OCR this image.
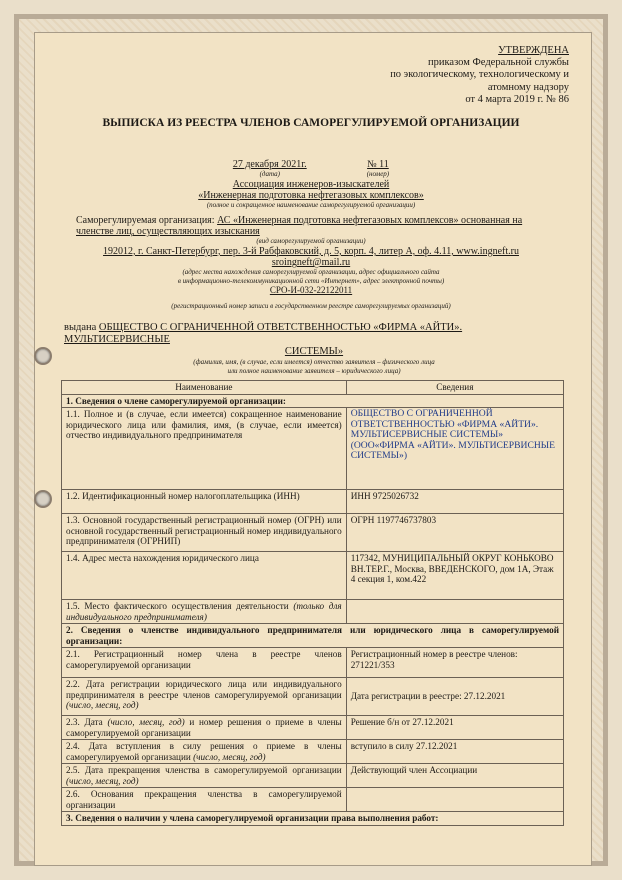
УТВЕРЖДЕНА
приказом Федеральной службы
по экологическому, технологическому и
атомному надзору
от 4 марта 2019 г. № 86
ВЫПИСКА ИЗ РЕЕСТРА ЧЛЕНОВ САМОРЕГУЛИРУЕМОЙ ОРГАНИЗАЦИИ
27 декабря 2021г.
(дата)
№ 11
(номер)
Ассоциация инженеров-изыскателей
«Инженерная подготовка нефтегазовых комплексов»
(полное и сокращенное наименование саморегулируемой организации)
Саморегулируемая организация: АС «Инженерная подготовка нефтегазовых комплексов» основанная на членстве лиц, осуществляющих изыскания
(вид саморегулируемой организации)
192012, г. Санкт-Петербург, пер. 3-й Рабфаковский, д. 5, корп. 4, литер А, оф. 4.11, www.ingneft.ru
sroingneft@mail.ru
(адрес места нахождения саморегулируемой организации, адрес официального сайта
в информационно-телекоммуникационной сети «Интернет», адрес электронной почты)
СРО-И-032-22122011
(регистрационный номер записи в государственном реестре саморегулируемых организаций)
выдана ОБЩЕСТВО С ОГРАНИЧЕННОЙ ОТВЕТСТВЕННОСТЬЮ «ФИРМА «АЙТИ». МУЛЬТИСЕРВИСНЫЕ
СИСТЕМЫ»
(фамилия, имя, (в случае, если имеется) отчество заявителя – физического лица
или полное наименование заявителя – юридического лица)
Наименование	Сведения
1. Сведения о члене саморегулируемой организации:	
1.1. Полное и (в случае, если имеется) сокращенное наименование юридического лица или фамилия, имя, (в случае, если имеется) отчество индивидуального предпринимателя	ОБЩЕСТВО С ОГРАНИЧЕННОЙ ОТВЕТСТВЕННОСТЬЮ «ФИРМА «АЙТИ». МУЛЬТИСЕРВИСНЫЕ СИСТЕМЫ» (ООО«ФИРМА «АЙТИ». МУЛЬТИСЕРВИСНЫЕ СИСТЕМЫ»)
1.2. Идентификационный номер налогоплательщика (ИНН)	ИНН 9725026732
1.3. Основной государственный регистрационный номер (ОГРН) или основной государственный регистрационный номер индивидуального предпринимателя (ОГРНИП)	ОГРН 1197746737803
1.4. Адрес места нахождения юридического лица	117342, МУНИЦИПАЛЬНЫЙ ОКРУГ КОНЬКОВО ВН.ТЕР.Г., Москва, ВВЕДЕНСКОГО, дом 1А, Этаж 4 секция 1, ком.422
1.5. Место фактического осуществления деятельности (только для индивидуального предпринимателя)	
2. Сведения о членстве индивидуального предпринимателя или юридического лица в саморегулируемой организации:	
2.1. Регистрационный номер члена в реестре членов саморегулируемой организации	Регистрационный номер в реестре членов: 271221/353
2.2. Дата регистрации юридического лица или индивидуального предпринимателя в реестре членов саморегулируемой организации (число, месяц, год)	Дата регистрации в реестре: 27.12.2021
2.3. Дата (число, месяц, год) и номер решения о приеме в члены саморегулируемой организации	Решение б/н от 27.12.2021
2.4. Дата вступления в силу решения о приеме в члены саморегулируемой организации (число, месяц, год)	вступило в силу 27.12.2021
2.5. Дата прекращения членства в саморегулируемой организации (число, месяц, год)	Действующий член Ассоциации
2.6. Основания прекращения членства в саморегулируемой организации	
3. Сведения о наличии у члена саморегулируемой организации права выполнения работ:	
